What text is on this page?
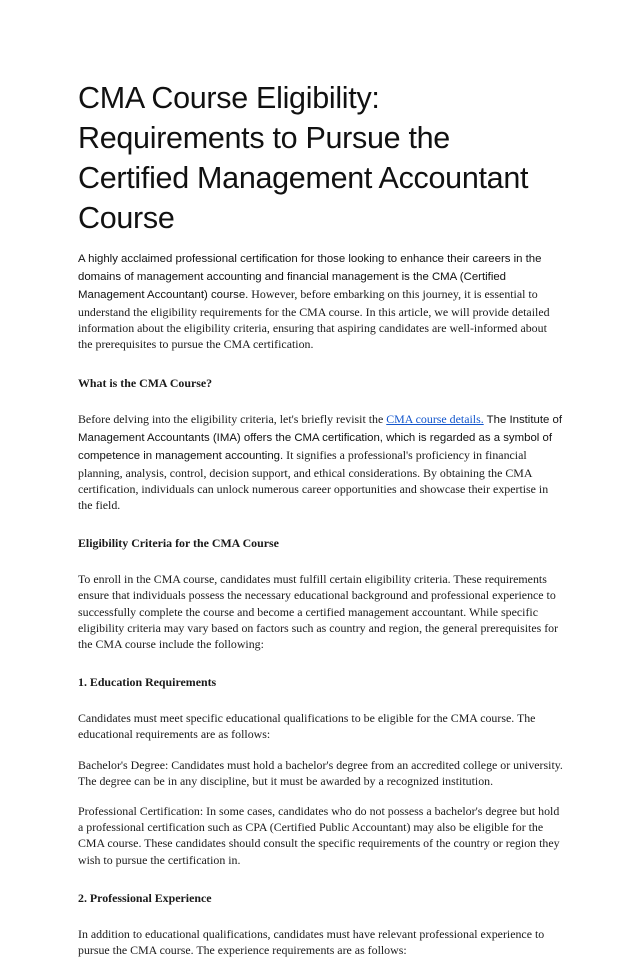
CMA Course Eligibility: Requirements to Pursue the Certified Management Accountant Course

A highly acclaimed professional certification for those looking to enhance their careers in the domains of management accounting and financial management is the CMA (Certified Management Accountant) course. However, before embarking on this journey, it is essential to understand the eligibility requirements for the CMA course. In this article, we will provide detailed information about the eligibility criteria, ensuring that aspiring candidates are well-informed about the prerequisites to pursue the CMA certification.

What is the CMA Course?

Before delving into the eligibility criteria, let's briefly revisit the CMA course details. The Institute of Management Accountants (IMA) offers the CMA certification, which is regarded as a symbol of competence in management accounting. It signifies a professional's proficiency in financial planning, analysis, control, decision support, and ethical considerations. By obtaining the CMA certification, individuals can unlock numerous career opportunities and showcase their expertise in the field.

Eligibility Criteria for the CMA Course

To enroll in the CMA course, candidates must fulfill certain eligibility criteria. These requirements ensure that individuals possess the necessary educational background and professional experience to successfully complete the course and become a certified management accountant. While specific eligibility criteria may vary based on factors such as country and region, the general prerequisites for the CMA course include the following:

1. Education Requirements

Candidates must meet specific educational qualifications to be eligible for the CMA course. The educational requirements are as follows:

Bachelor's Degree: Candidates must hold a bachelor's degree from an accredited college or university. The degree can be in any discipline, but it must be awarded by a recognized institution.

Professional Certification: In some cases, candidates who do not possess a bachelor's degree but hold a professional certification such as CPA (Certified Public Accountant) may also be eligible for the CMA course. These candidates should consult the specific requirements of the country or region they wish to pursue the certification in.

2. Professional Experience

In addition to educational qualifications, candidates must have relevant professional experience to pursue the CMA course. The experience requirements are as follows:
